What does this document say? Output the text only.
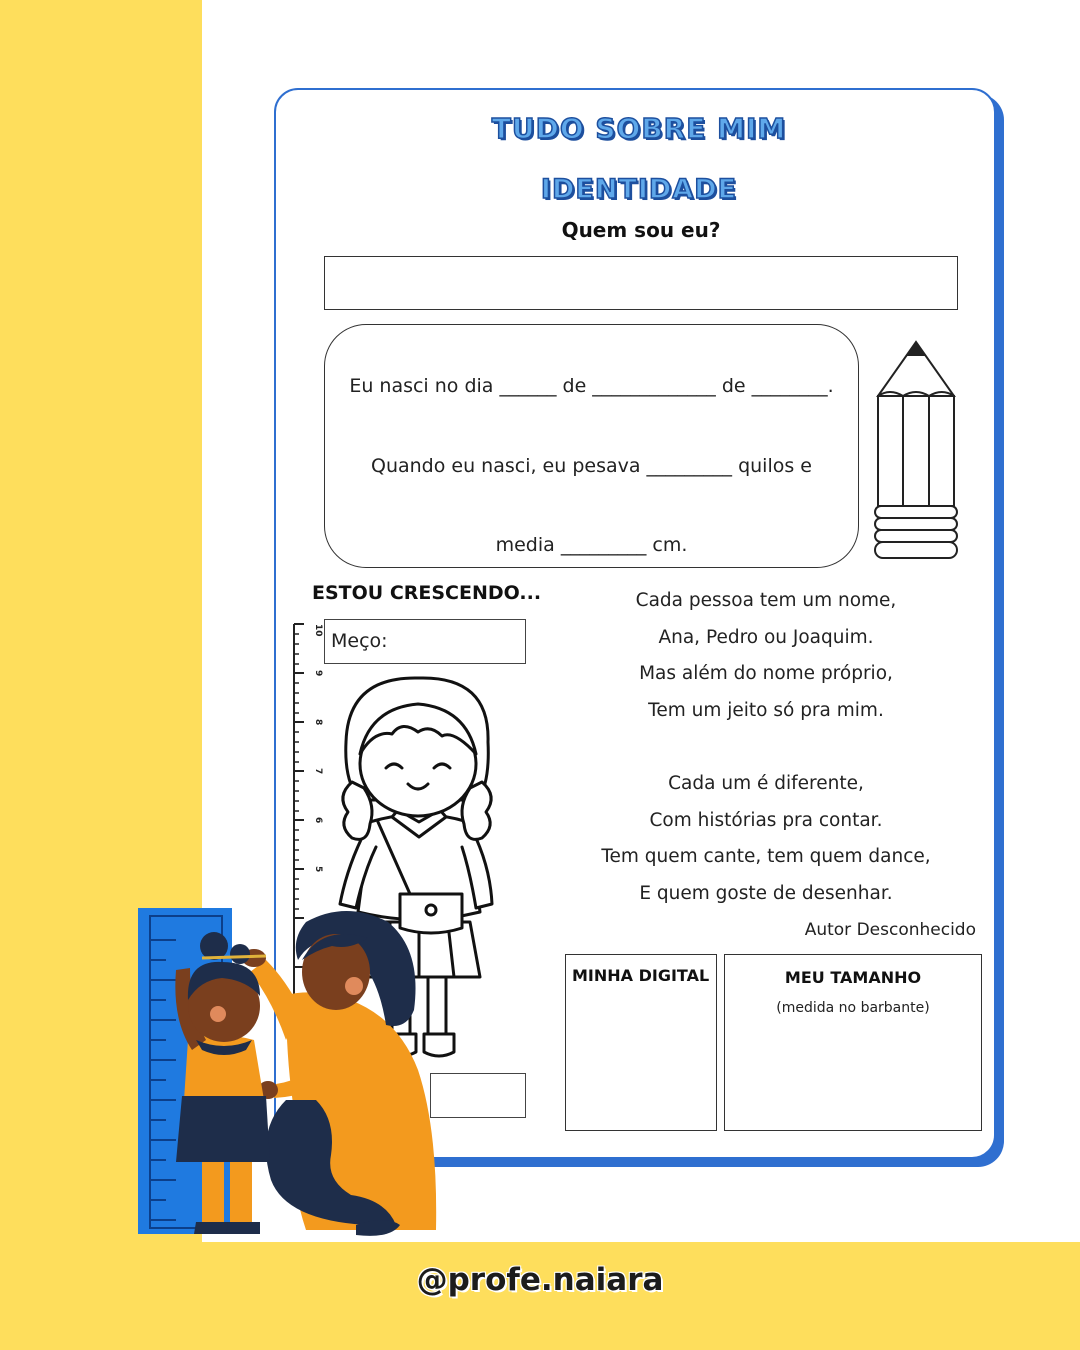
TUDO SOBRE MIM
IDENTIDADE
Quem sou eu?
Eu nasci no dia ______ de _____________ de ________.
Quando eu nasci, eu pesava _________ quilos e
media _________ cm.
ESTOU CRESCENDO...
10
9
8
7
6
5
Meço:
Cada pessoa tem um nome,
Ana, Pedro ou Joaquim.
Mas além do nome próprio,
Tem um jeito só pra mim.
Cada um é diferente,
Com histórias pra contar.
Tem quem cante, tem quem dance,
E quem goste de desenhar.
Autor Desconhecido
MINHA DIGITAL	MEU TAMANHO
(medida no barbante)
@profe.naiara
